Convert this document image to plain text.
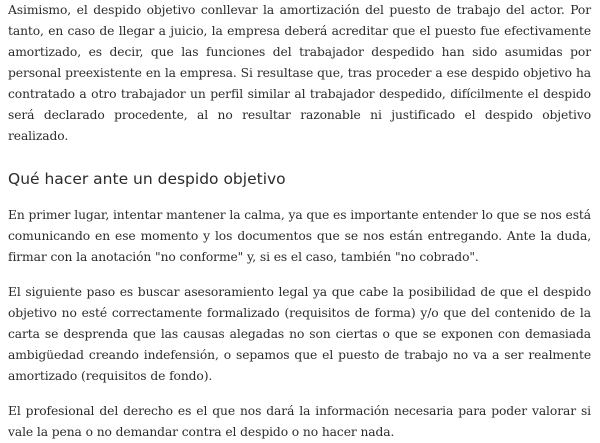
Asimismo, el despido objetivo conllevar la amortización del puesto de trabajo del actor. Por tanto, en caso de llegar a juicio, la empresa deberá acreditar que el puesto fue efectivamente amortizado, es decir, que las funciones del trabajador despedido han sido asumidas por personal preexistente en la empresa. Si resultase que, tras proceder a ese despido objetivo ha contratado a otro trabajador un perfil similar al trabajador despedido, difícilmente el despido será declarado procedente, al no resultar razonable ni justificado el despido objetivo realizado.

Qué hacer ante un despido objetivo

En primer lugar, intentar mantener la calma, ya que es importante entender lo que se nos está comunicando en ese momento y los documentos que se nos están entregando. Ante la duda, firmar con la anotación "no conforme" y, si es el caso, también "no cobrado".

El siguiente paso es buscar asesoramiento legal ya que cabe la posibilidad de que el despido objetivo no esté correctamente formalizado (requisitos de forma) y/o que del contenido de la carta se desprenda que las causas alegadas no son ciertas o que se exponen con demasiada ambigüedad creando indefensión, o sepamos que el puesto de trabajo no va a ser realmente amortizado (requisitos de fondo).

El profesional del derecho es el que nos dará la información necesaria para poder valorar si vale la pena o no demandar contra el despido o no hacer nada.
